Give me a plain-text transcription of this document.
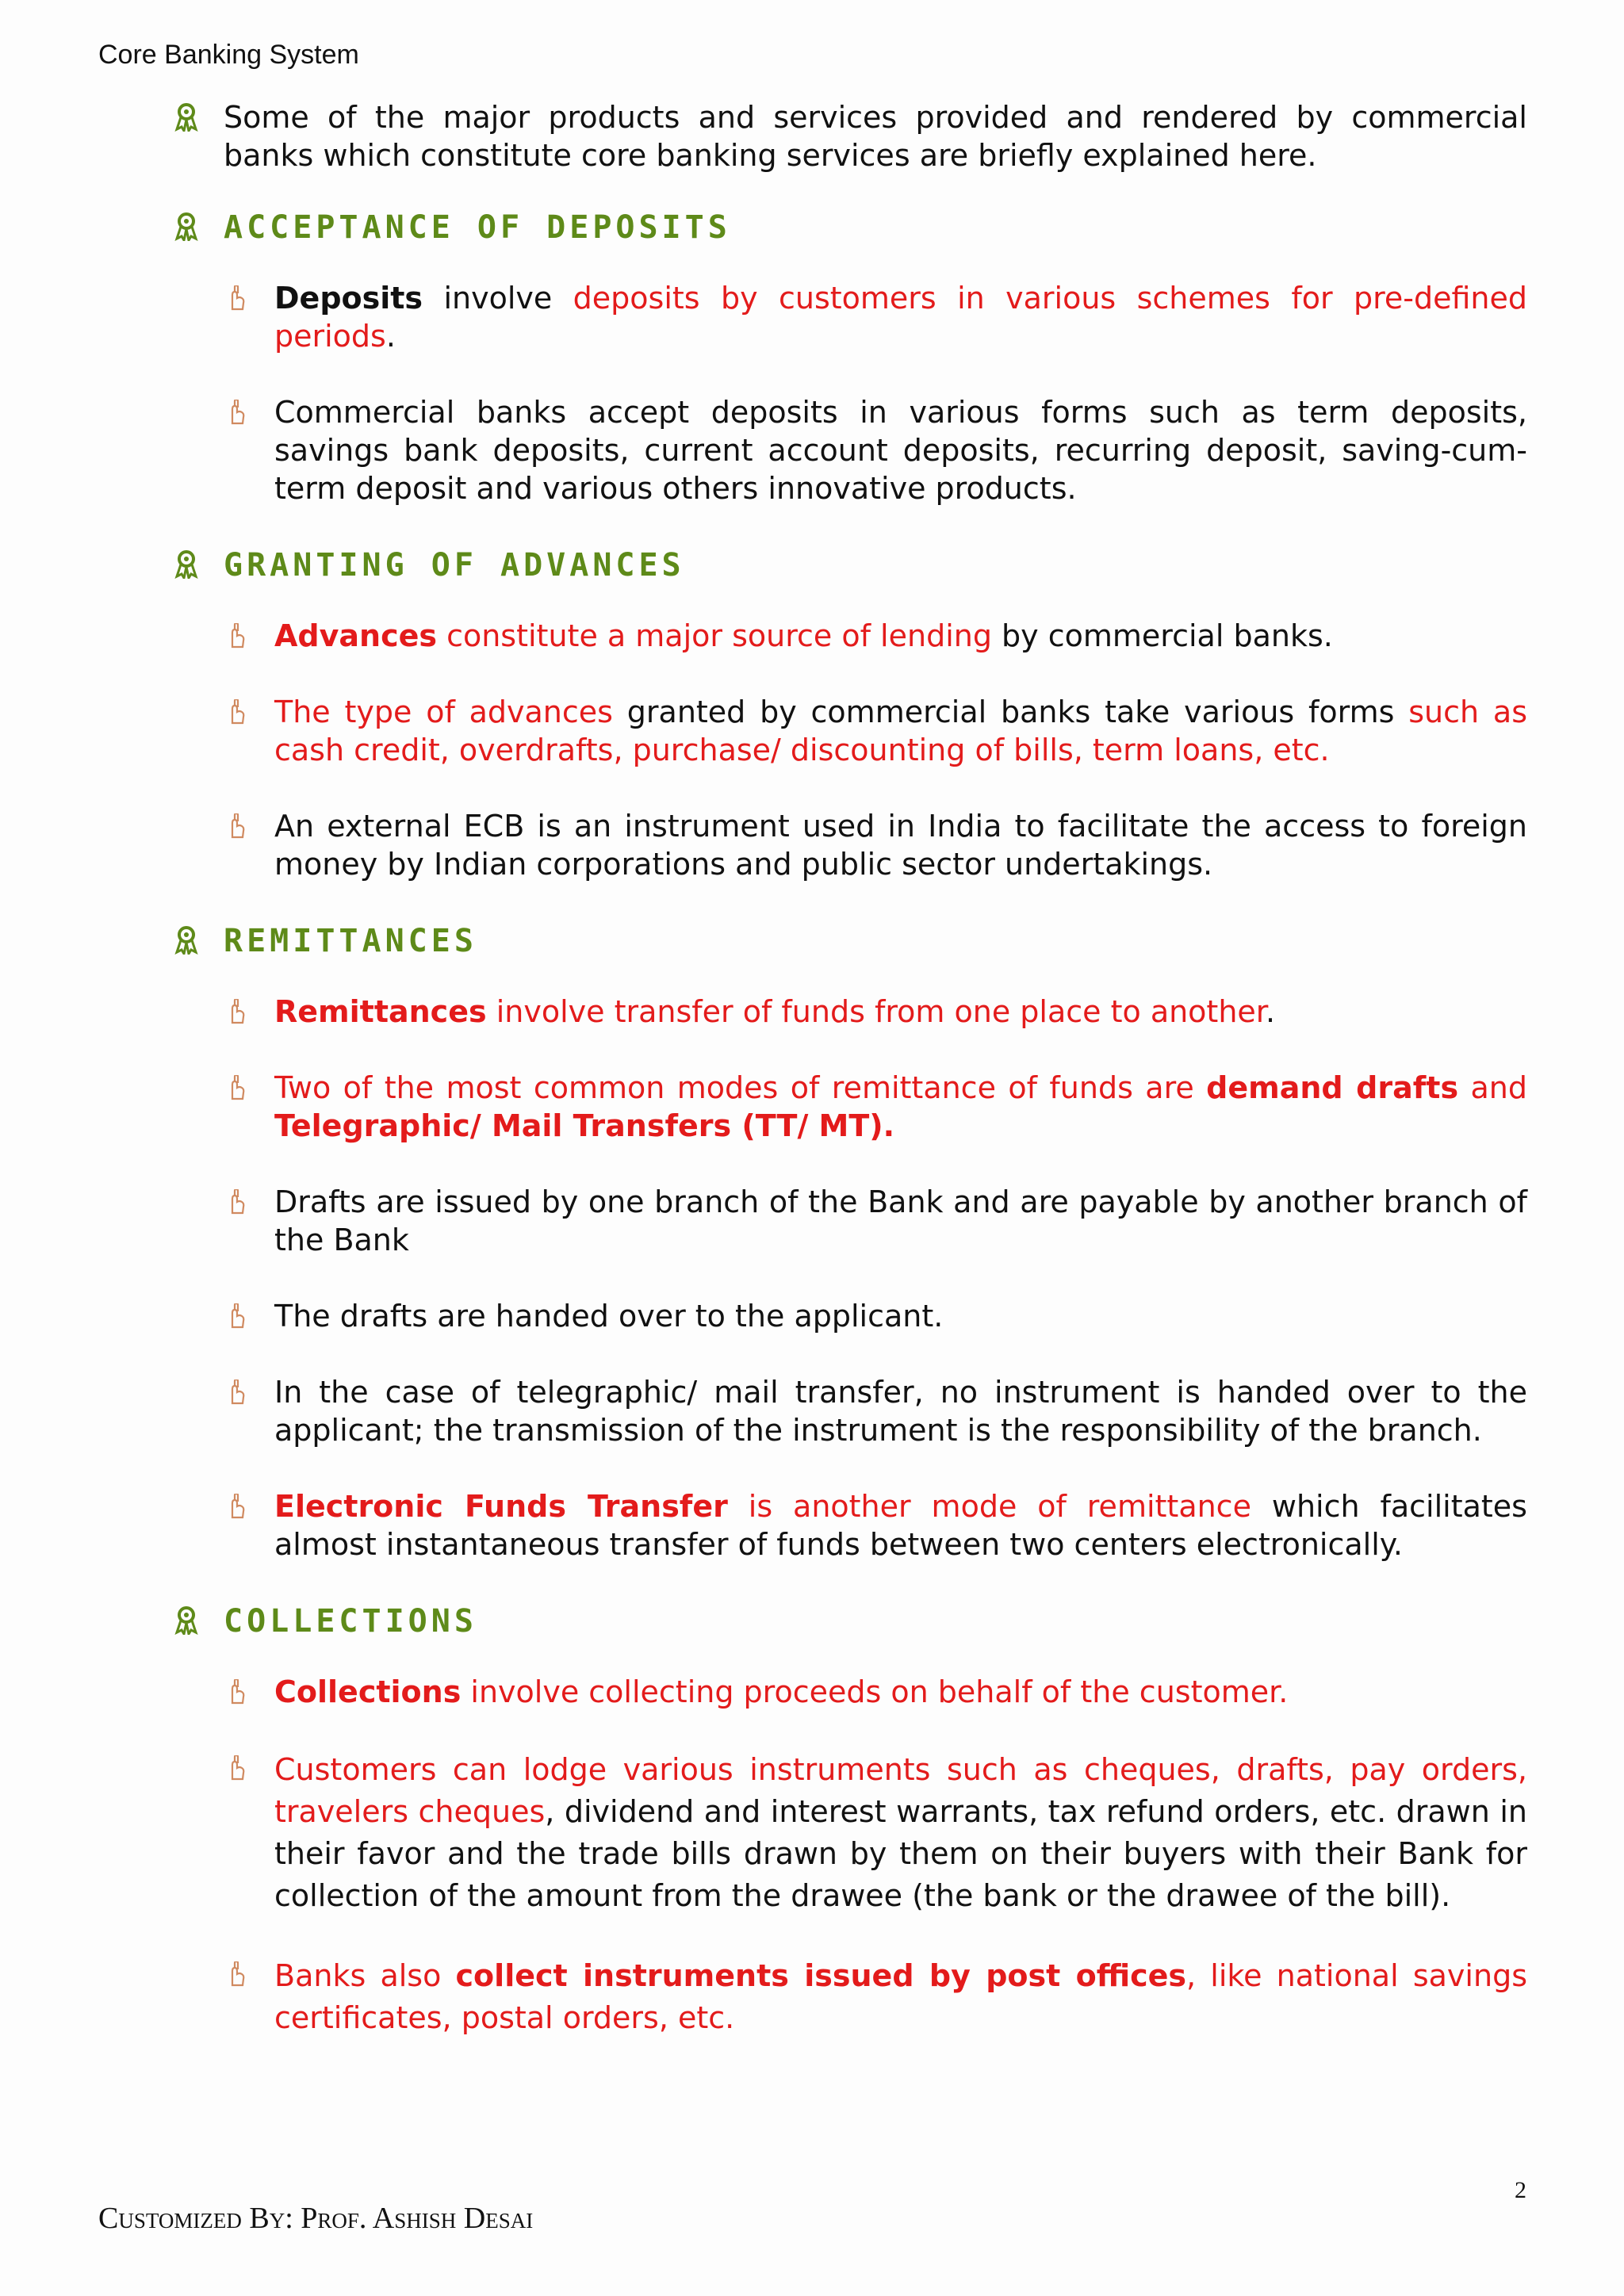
Core Banking System

Some of the major products and services provided and rendered by commercial banks which constitute core banking services are briefly explained here.

ACCEPTANCE OF DEPOSITS
Deposits involve deposits by customers in various schemes for pre-defined periods.
Commercial banks accept deposits in various forms such as term deposits, savings bank deposits, current account deposits, recurring deposit, saving-cum-term deposit and various others innovative products.
GRANTING OF ADVANCES
Advances constitute a major source of lending by commercial banks.
The type of advances granted by commercial banks take various forms such as cash credit, overdrafts, purchase/ discounting of bills, term loans, etc.
An external ECB is an instrument used in India to facilitate the access to foreign money by Indian corporations and public sector undertakings.
REMITTANCES
Remittances involve transfer of funds from one place to another.
Two of the most common modes of remittance of funds are demand drafts and Telegraphic/ Mail Transfers (TT/ MT).
Drafts are issued by one branch of the Bank and are payable by another branch of the Bank
The drafts are handed over to the applicant.
In the case of telegraphic/ mail transfer, no instrument is handed over to the applicant; the transmission of the instrument is the responsibility of the branch.
Electronic Funds Transfer is another mode of remittance which facilitates almost instantaneous transfer of funds between two centers electronically.
COLLECTIONS
Collections involve collecting proceeds on behalf of the customer.
Customers can lodge various instruments such as cheques, drafts, pay orders, travelers cheques, dividend and interest warrants, tax refund orders, etc. drawn in their favor and the trade bills drawn by them on their buyers with their Bank for collection of the amount from the drawee (the bank or the drawee of the bill).
Banks also collect instruments issued by post offices, like national savings certificates, postal orders, etc.
2
Customized By: Prof. Ashish Desai
